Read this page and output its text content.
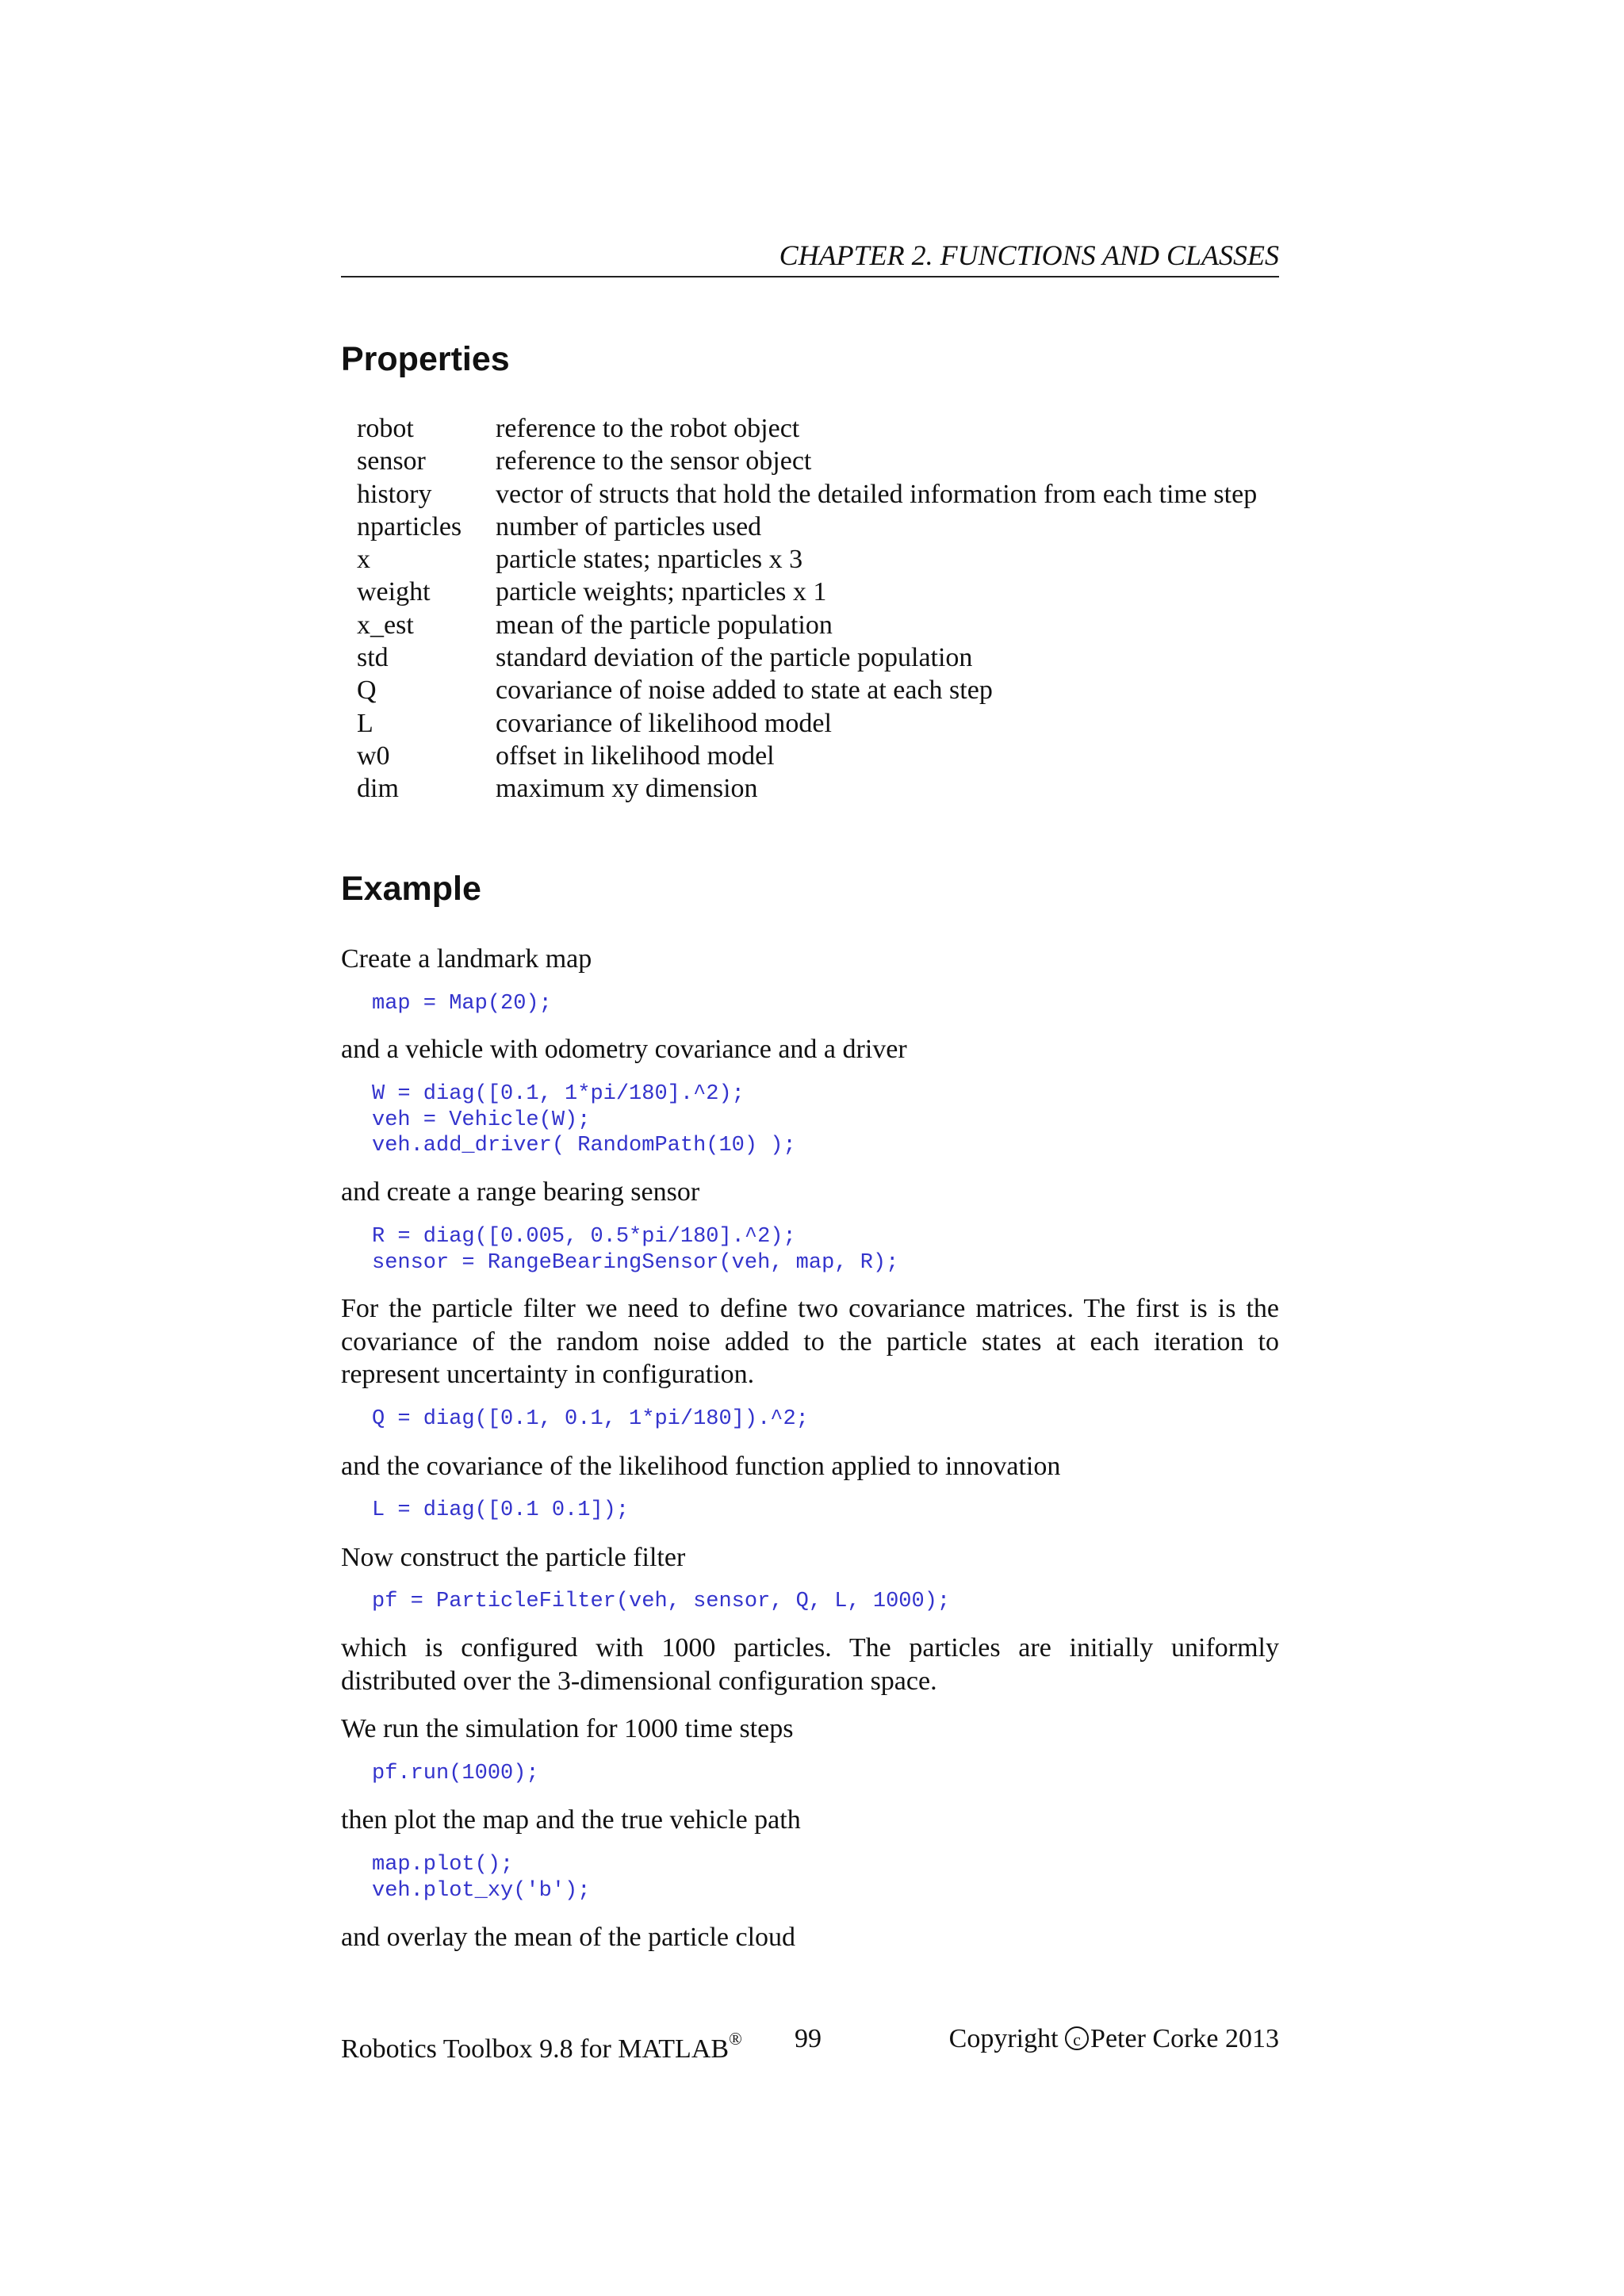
CHAPTER 2. FUNCTIONS AND CLASSES
Properties
robot	reference to the robot object
sensor	reference to the sensor object
history	vector of structs that hold the detailed information from each time step
nparticles	number of particles used
x	particle states; nparticles x 3
weight	particle weights; nparticles x 1
x_est	mean of the particle population
std	standard deviation of the particle population
Q	covariance of noise added to state at each step
L	covariance of likelihood model
w0	offset in likelihood model
dim	maximum xy dimension
Example

Create a landmark map

map = Map(20);

and a vehicle with odometry covariance and a driver

W = diag([0.1, 1*pi/180].^2);
veh = Vehicle(W);
veh.add_driver( RandomPath(10) );

and create a range bearing sensor

R = diag([0.005, 0.5*pi/180].^2);
sensor = RangeBearingSensor(veh, map, R);

For the particle filter we need to define two covariance matrices. The first is is the covariance of the random noise added to the particle states at each iteration to represent uncertainty in configuration.

Q = diag([0.1, 0.1, 1*pi/180]).^2;

and the covariance of the likelihood function applied to innovation

L = diag([0.1 0.1]);

Now construct the particle filter

pf = ParticleFilter(veh, sensor, Q, L, 1000);

which is configured with 1000 particles. The particles are initially uniformly distributed over the 3-dimensional configuration space.

We run the simulation for 1000 time steps

pf.run(1000);

then plot the map and the true vehicle path

map.plot();
veh.plot_xy('b');

and overlay the mean of the particle cloud

Robotics Toolbox 9.8 for MATLAB® 99	Copyright c Peter Corke 2013
